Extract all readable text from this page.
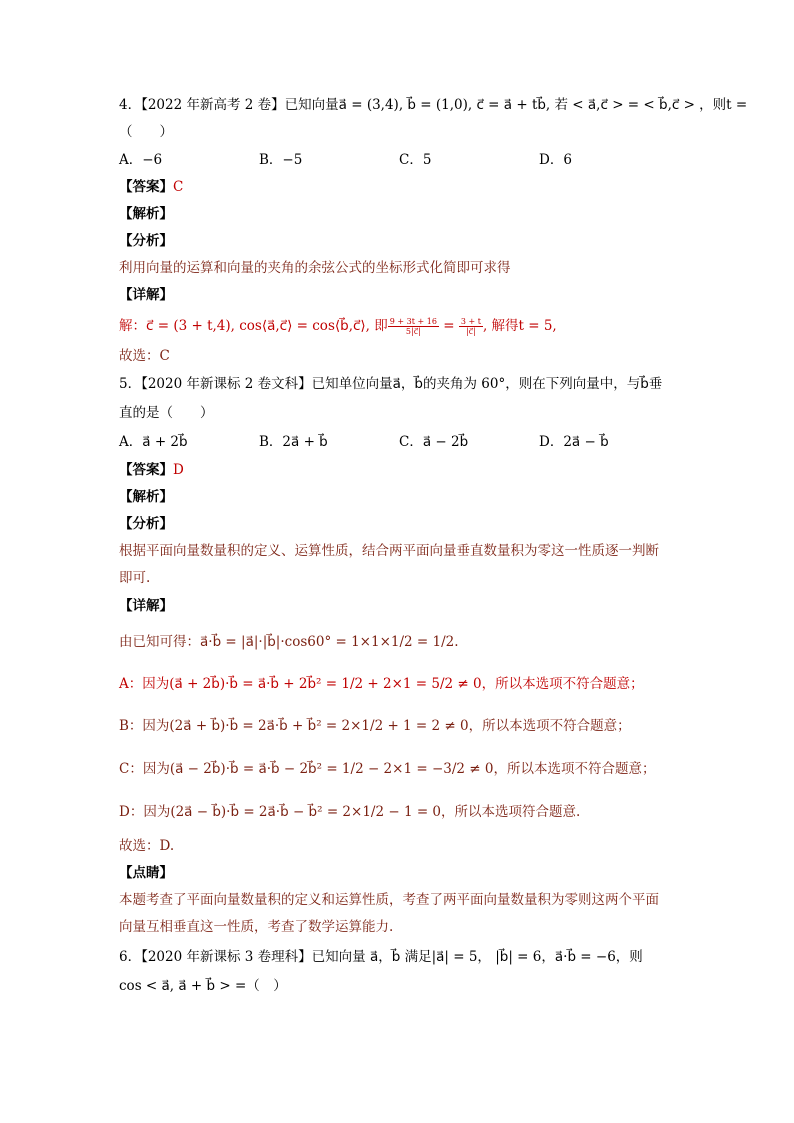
4．【2022 年新高考 2 卷】已知向量a⃗ = (3,4), b⃗ = (1,0), c⃗ = a⃗ + tb⃗, 若 < a⃗,c⃗ > = < b⃗,c⃗ > ，则t =
（　　）
A．−6	B．−5	C．5	D．6
【答案】C
【解析】
【分析】
利用向量的运算和向量的夹角的余弦公式的坐标形式化简即可求得
【详解】
解：c⃗ = (3 + t,4), cos⟨a⃗,c⃗⟩ = cos⟨b⃗,c⃗⟩, 即 $\frac{9 + 3t + 16}{5|c⃗|} = \frac{3 + t}{|c⃗|}$ , 解得t = 5,
故选：C
5．【2020 年新课标 2 卷文科】已知单位向量a⃗，b⃗的夹角为 60°，则在下列向量中，与b⃗垂
直的是（　　）
A．a⃗ + 2b⃗	B．2a⃗ + b⃗	C．a⃗ − 2b⃗	D．2a⃗ − b⃗
【答案】D
【解析】
【分析】
根据平面向量数量积的定义、运算性质，结合两平面向量垂直数量积为零这一性质逐一判断
即可.
【详解】
由已知可得：a⃗·b⃗ = |a⃗|·|b⃗|·cos60° = 1×1×1/2 = 1/2.
A：因为(a⃗ + 2b⃗)·b⃗ = a⃗·b⃗ + 2b⃗² = 1/2 + 2×1 = 5/2 ≠ 0，所以本选项不符合题意；
B：因为(2a⃗ + b⃗)·b⃗ = 2a⃗·b⃗ + b⃗² = 2×1/2 + 1 = 2 ≠ 0，所以本选项不符合题意；
C：因为(a⃗ − 2b⃗)·b⃗ = a⃗·b⃗ − 2b⃗² = 1/2 − 2×1 = −3/2 ≠ 0，所以本选项不符合题意；
D：因为(2a⃗ − b⃗)·b⃗ = 2a⃗·b⃗ − b⃗² = 2×1/2 − 1 = 0，所以本选项符合题意.
故选：D.
【点睛】
本题考查了平面向量数量积的定义和运算性质，考查了两平面向量数量积为零则这两个平面
向量互相垂直这一性质，考查了数学运算能力.
6．【2020 年新课标 3 卷理科】已知向量 a⃗，b⃗ 满足|a⃗| = 5， |b⃗| = 6，a⃗·b⃗ = −6，则
cos < a⃗, a⃗ + b⃗ > =（　）
